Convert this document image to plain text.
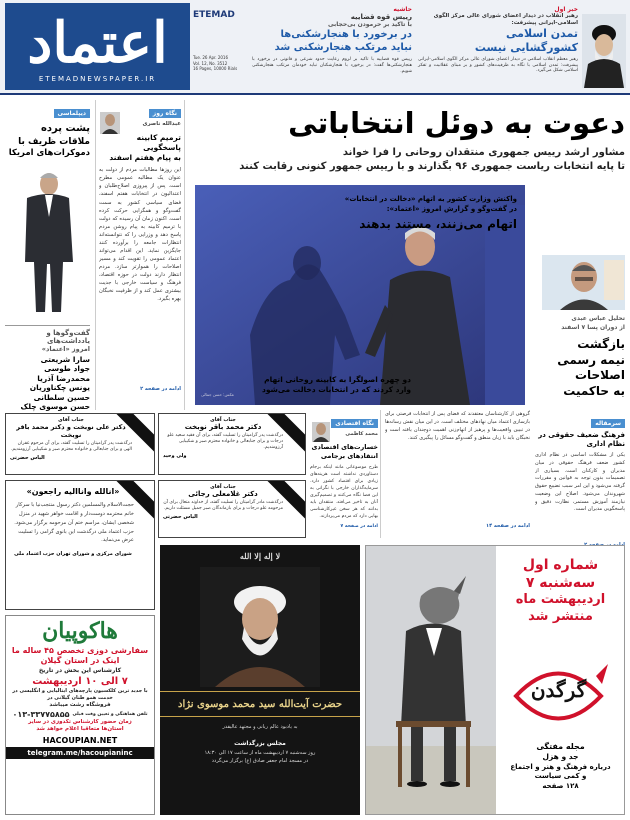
اعتماد
ETEMADNEWSPAPER.IR
ETEMAD
Tue. 26 Apr. 2016
Vol. 12, No. 3512
16 Pages, 10000 Rials
حاشیه
رییس قوه قضاییه
با تاکید بر حرمودن بی‌حجابی
در برخورد با هنجارشکنی‌ها
نباید مرتکب هنجارشکنی شد
رییس قوه قضاییه با تاکید بر لزوم رعایت حدود شرعی و قانونی در برخورد با هنجارشکنی‌ها گفت: در برخورد با هنجارشکنان نباید خودمان مرتکب هنجارشکنی شویم.
خبر اول
رهبر انقلاب در دیدار اعضای شورای عالی مرکز الگوی اسلامی-ایرانی پیشرفت:
تمدن اسلامی
کشورگشایی نیست
رهبر معظم انقلاب اسلامی در دیدار اعضای شورای عالی مرکز الگوی اسلامی-ایرانی پیشرفت: تمدن اسلامی با نگاه به ظرفیت‌های کشور و بر مبنای عقلانیت و تفکر اسلامی شکل می‌گیرد.
دیپلماسی
پشت پرده
ملاقات ظریف با
دموکرات‌های امریکا
گفت‌وگوها و یادداشت‌های
امروز «اعتماد»
سارا شریعتی
جواد طوسی
محمدرضا آذریا
یونس چکناوریان
حسین سلطانی
حسن موسوی چلک
نگاه روز
عبدالله ناصری
ترمیم کابینه پاسخگویی
به پیام هفتم اسفند
این روزها مطالبات مردم از دولت به عنوان یک مطالبه عمومی مطرح است. پس از پیروزی اصلاح‌طلبان و اعتدالیون در انتخابات هفتم اسفند، فضای سیاسی کشور به سمت گفت‌وگو و همگرایی حرکت کرده است. اکنون زمان آن رسیده که دولت با ترمیم کابینه به پیام روشن مردم پاسخ دهد و وزرایی را که نتوانسته‌اند انتظارات جامعه را برآورده کنند جایگزین نماید. این اقدام می‌تواند اعتماد عمومی را تقویت کند و مسیر اصلاحات را هموارتر سازد. مردم انتظار دارند دولت در حوزه اقتصاد، فرهنگ و سیاست خارجی با جدیت بیشتری عمل کند و از ظرفیت نخبگان بهره بگیرد.
ادامه در صفحه ۲
دعوت به دوئل انتخاباتی
مشاور ارشد رییس جمهوری منتقدان روحانی را فرا خواند
تا پایه انتخابات ریاست جمهوری ۹۶ بگذارند و با رییس جمهور کنونی رقابت کنند
واکنش وزارت کشور به اتهام «دخالت در انتخابات»
در گفت‌وگو و گزارش امروز «اعتماد»:
اتهام می‌زنند، مستند بدهند
دو چهره اصولگرا به کابینه روحانی اتهام
وارد کردند که در انتخابات دخالت می‌شود
عکس: حسن جمالی
تحلیل عباس عبدی
از دوران پسا ۷ اسفند
بازگشت
نیمه رسمی
اصلاحات
به حاکمیت
سرمقاله
فرهنگ ضعیف حقوقی در نظام اداری
یکی از مشکلات اساسی در نظام اداری کشور ضعف فرهنگ حقوقی در میان مدیران و کارکنان است. بسیاری از تصمیمات بدون توجه به قوانین و مقررات گرفته می‌شود و این امر سبب تضییع حقوق شهروندان می‌شود. اصلاح این وضعیت نیازمند آموزش مستمر، نظارت دقیق و پاسخگویی مدیران است.
گروهی از کارشناسان معتقدند که فضای پس از انتخابات فرصتی برای بازسازی اعتماد میان نهادهای مختلف است. در این میان نقش رسانه‌ها در تبیین واقعیت‌ها و پرهیز از اتهام‌زنی اهمیت دوچندان یافته است و نخبگان باید با زبان منطق و گفت‌وگو مسائل را پیگیری کنند.
ادامه در صفحه ۱۴
نگاه اقتصادی
محمد کاظمی
خسارت‌های اقتصادی
انتقادهای برجامی
طرح موضوعاتی مانند اینکه برجام دستاوردی نداشته است هزینه‌های زیادی برای اقتصاد کشور دارد. سرمایه‌گذاران خارجی با نگرانی به این فضا نگاه می‌کنند و تصمیم‌گیری آنان به تاخیر می‌افتد. منتقدان باید بدانند که هر سخن غیرکارشناسی بهایی دارد که مردم می‌پردازند.
ادامه در صفحه ۷
جناب آقای
دکتر محمد باقر نوبخت
درگذشت پدر گرامیتان را تسلیت گفته، برای آن فقید سعید علو درجات و برای جنابعالی و خانواده محترم صبر و شکیبایی آرزومندیم.
ولی وحید
جناب آقای
دکتر علی نوبخت و دکتر محمد باقر نوبخت
درگذشت پدر گرامیتان را تسلیت گفته، برای آن مرحوم غفران الهی و برای جنابعالی و خانواده محترم صبر و شکیبایی آرزومندیم.
الیاس حضرتی
جناب آقای
دکتر غلامعلی رجائی
درگذشت مادر گرامیتان را تسلیت گفته، از خداوند متعال برای آن مرحومه علو درجات و برای بازماندگان صبر جمیل مسئلت داریم.
الیاس حضرتی
«انالله وانااليه راجعون»
حجت‌الاسلام والمسلمین دکتر رسول منتجب‌نیا با سرکار خانم محترمه دوست‌دار و اقامت خواهر شهید در منزل شخصی ایشان، مراسم ختم آن مرحومه برگزار می‌شود. حزب اعتماد ملی درگذشت این بانوی گرامی را تسلیت عرض می‌نماید.
شورای مرکزی و شورای تهران حزب اعتماد ملی
هاکوپیان
سفارشی دوزی تخصص ۴۵ ساله ما
اینک در استان گیلان
کارشناس این بخش در تاریخ
۷ الی ۱۰ اردیبهشت
با جدید ترین کلکسیون پارچه‌های ایتالیایی و انگلیسی در خدمت همو طنان گیلانی در
فروشگاه رشت میباشد
تلفن هماهنگی و تعیین وقت قبلی
۰۱۳-۳۳۷۷۵۸۵۵
زمان حضور کارشناس تکدوزی در سایر
استان‌ها متعاقبا اعلام خواهد شد
HACOUPIAN.NET
telegram.me/hacoupianinc
لا إله إلا الله
حضرت آیت‌الله سید محمد موسوی نژاد
به یادبود عالم ربانی و مجتهد عالیقدر
مجلس بزرگداشت
روز سه‌شنبه ۷ اردیبهشت ماه از ساعت ۱۷ الی ۱۸:۳۰
در مسجد امام جعفر صادق (ع) برگزار می‌گردد
شماره اول
سه‌شنبه ۷
اردیبهشت ماه
منتشر شد
گرگدن
مجله مفتگی
جد و هزل
درباره فرهنگ و هنر و اجتماع
و کمی سیاست
۱۲۸ صفحه
